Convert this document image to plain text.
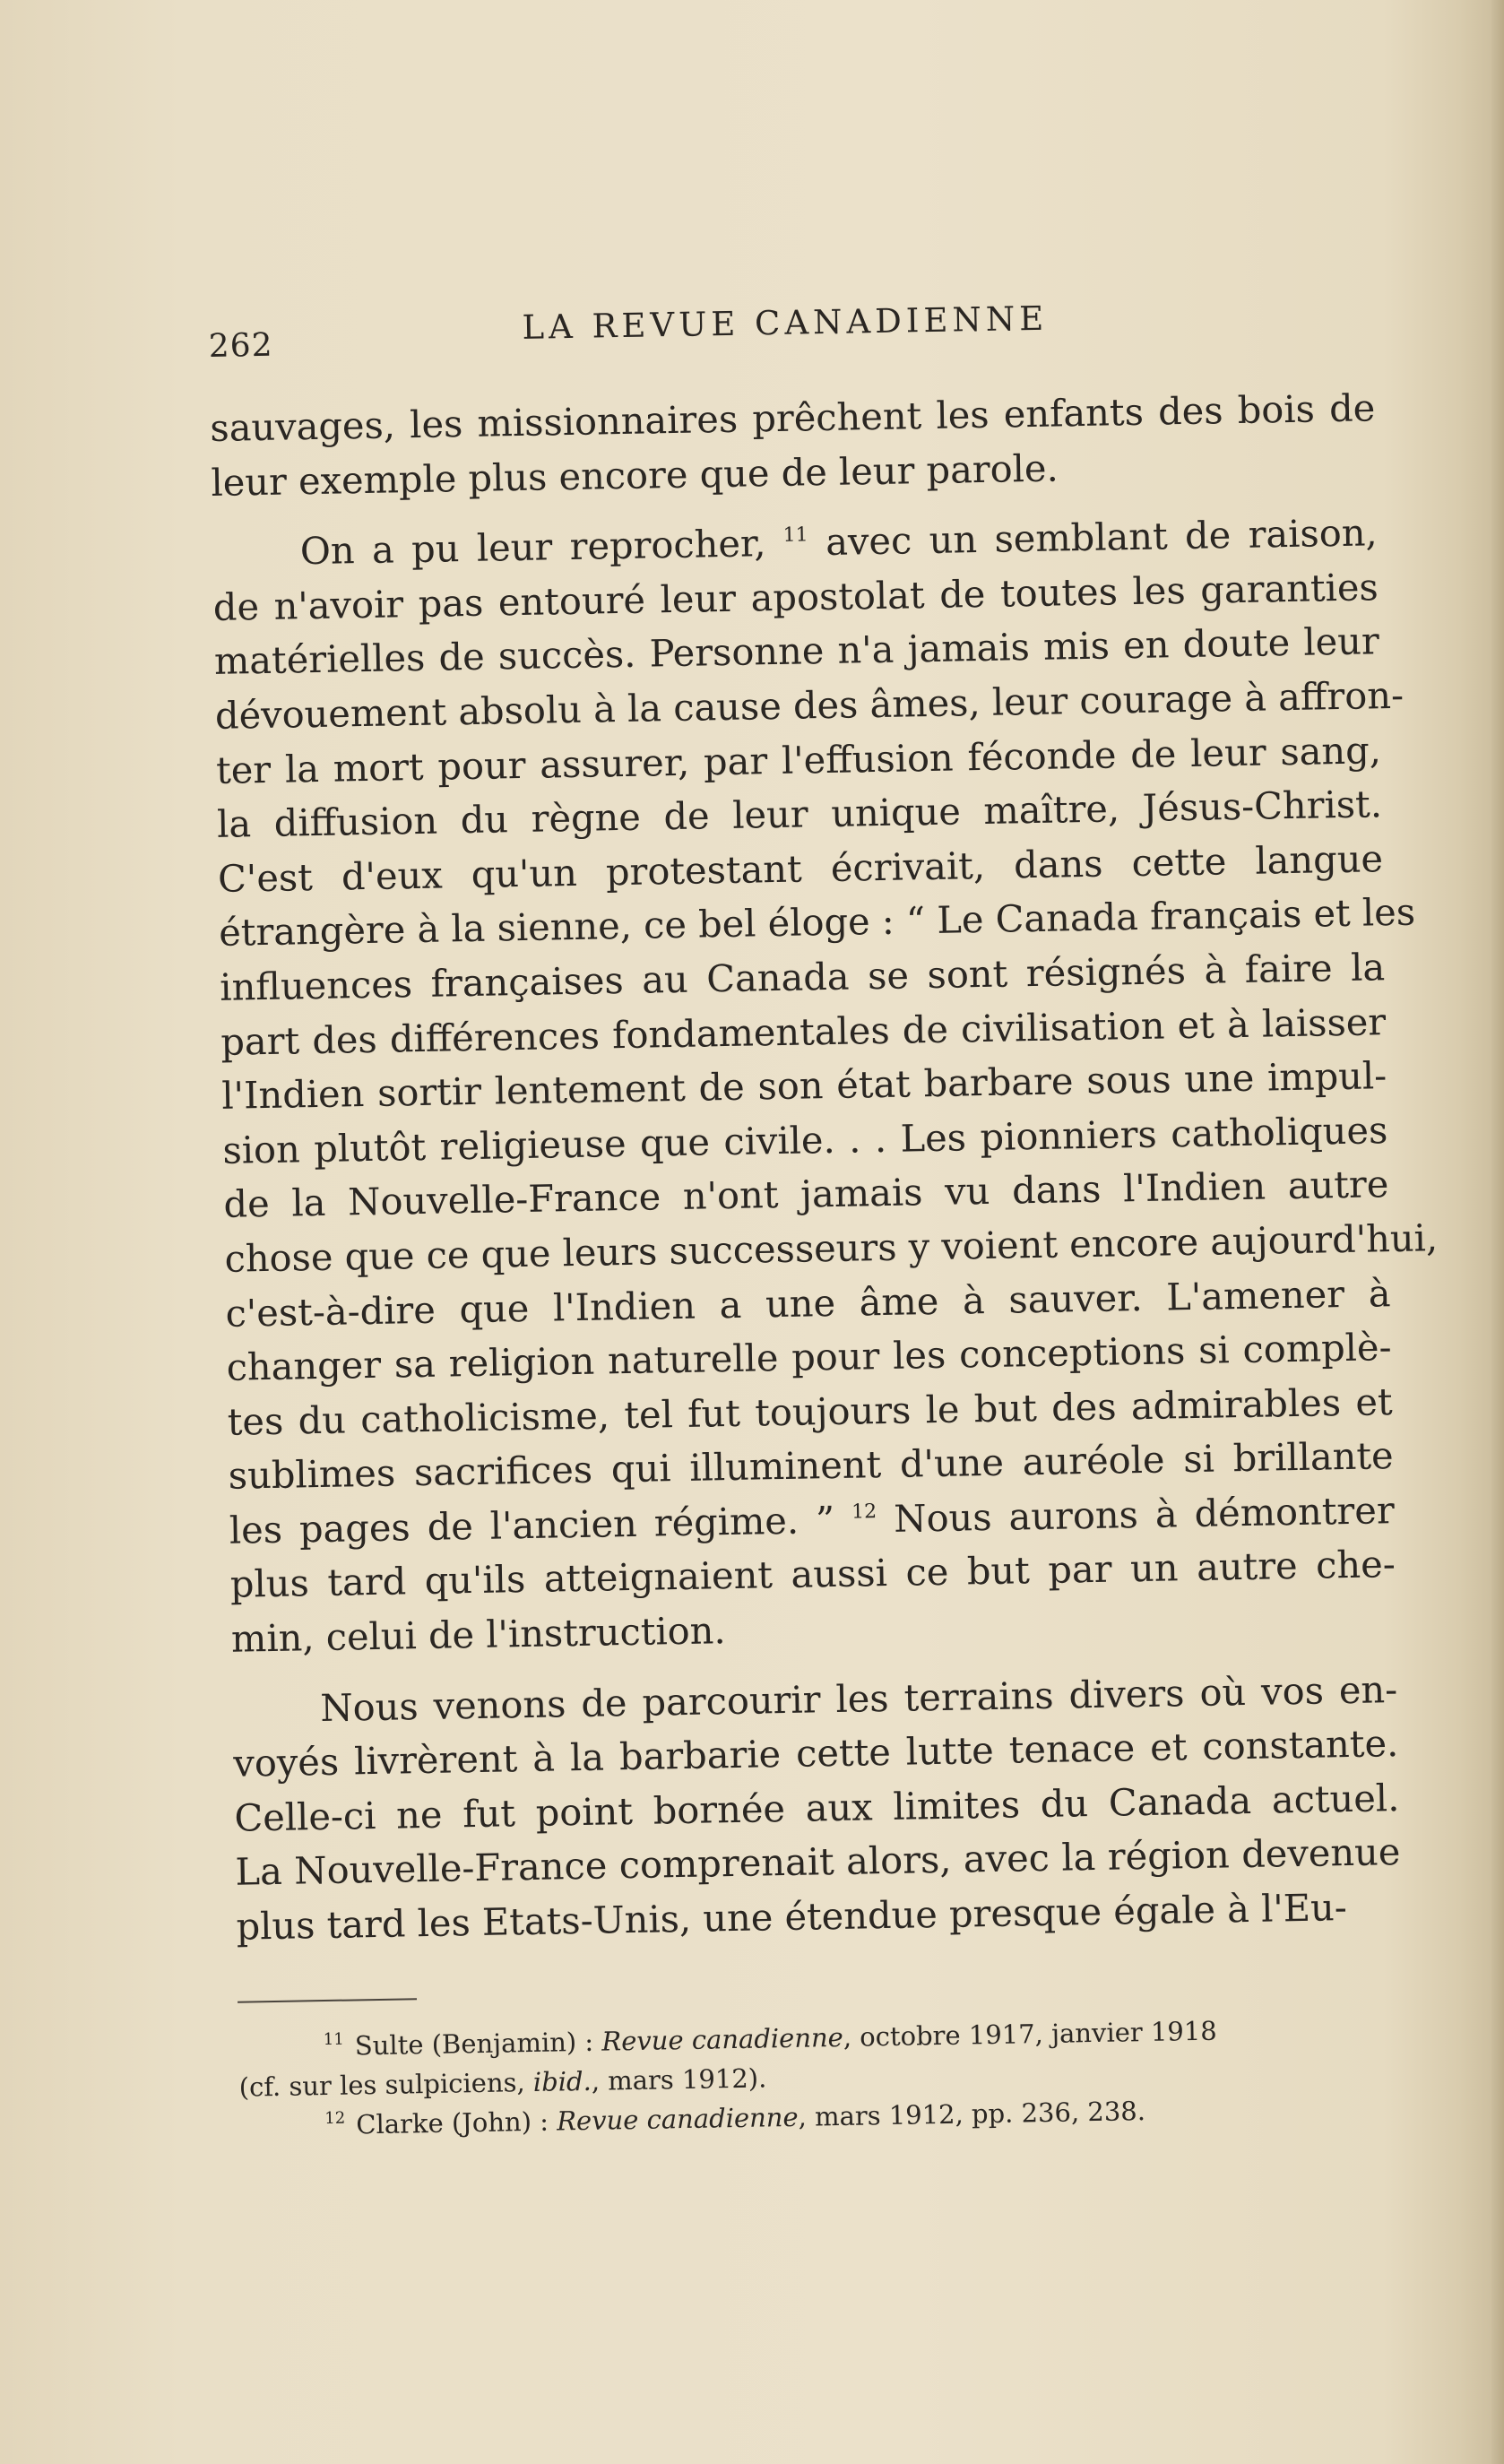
262	LA REVUE CANADIENNE
sauvages, les missionnaires prêchent les enfants des bois de
leur exemple plus encore que de leur parole.
On a pu leur reprocher, $^{11}$ avec un semblant de raison,
de n'avoir pas entouré leur apostolat de toutes les garanties
matérielles de succès. Personne n'a jamais mis en doute leur
dévouement absolu à la cause des âmes, leur courage à affron-
ter la mort pour assurer, par l'effusion féconde de leur sang,
la diffusion du règne de leur unique maître, Jésus-Christ.
C'est d'eux qu'un protestant écrivait, dans cette langue
étrangère à la sienne, ce bel éloge : “ Le Canada français et les
influences françaises au Canada se sont résignés à faire la
part des différences fondamentales de civilisation et à laisser
l'Indien sortir lentement de son état barbare sous une impul-
sion plutôt religieuse que civile. . . Les pionniers catholiques
de la Nouvelle-France n'ont jamais vu dans l'Indien autre
chose que ce que leurs successeurs y voient encore aujourd'hui,
c'est-à-dire que l'Indien a une âme à sauver. L'amener à
changer sa religion naturelle pour les conceptions si complè-
tes du catholicisme, tel fut toujours le but des admirables et
sublimes sacrifices qui illuminent d'une auréole si brillante
les pages de l'ancien régime. ” $^{12}$ Nous aurons à démontrer
plus tard qu'ils atteignaient aussi ce but par un autre che-
min, celui de l'instruction.
Nous venons de parcourir les terrains divers où vos en-
voyés livrèrent à la barbarie cette lutte tenace et constante.
Celle-ci ne fut point bornée aux limites du Canada actuel.
La Nouvelle-France comprenait alors, avec la région devenue
plus tard les Etats-Unis, une étendue presque égale à l'Eu-
$^{11}$ Sulte (Benjamin) : Revue canadienne, octobre 1917, janvier 1918
(cf. sur les sulpiciens, ibid., mars 1912).
$^{12}$ Clarke (John) : Revue canadienne, mars 1912, pp. 236, 238.
